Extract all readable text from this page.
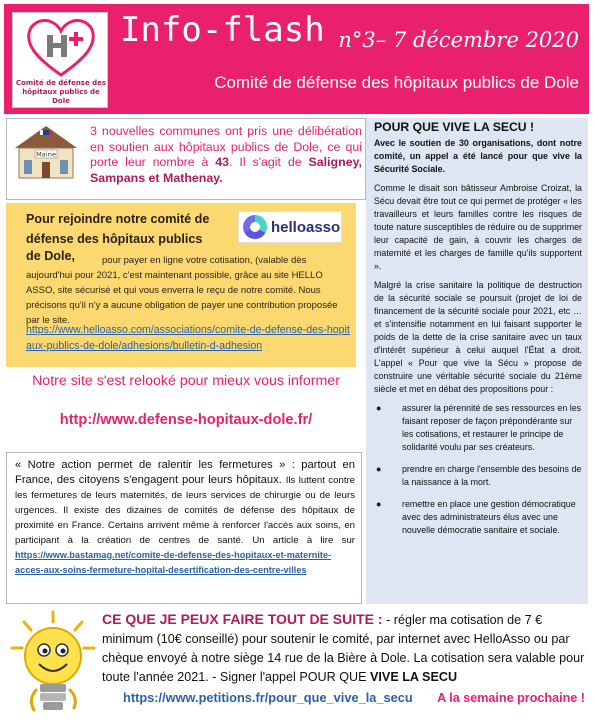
Comité de défense des hôpitaux publics de Dole
Info-flash n°3– 7 décembre 2020
Comité de défense des hôpitaux publics de Dole
Mairie
3 nouvelles communes ont pris une délibération en soutien aux hôpitaux publics de Dole, ce qui porte leur nombre à 43. Il s'agit de Saligney, Sampans et Mathenay.
Pour rejoindre notre comité de défense des hôpitaux publics
helloasso
de Dole,	pour payer en ligne votre cotisation, (valable dès aujourd'hui pour 2021, c'est maintenant possible, grâce au site HELLO ASSO, site sécurisé et qui vous enverra le reçu de notre comité. Nous précisons qu'il n'y a aucune obligation de payer une contribution proposée par le site.
https://www.helloasso.com/associations/comite-de-defense-des-hopitaux-publics-de-dole/adhesions/bulletin-d-adhesion
Notre site s'est relooké pour mieux vous informer
http://www.defense-hopitaux-dole.fr/
« Notre action permet de ralentir les fermetures » : partout en France, des citoyens s'engagent pour leurs hôpitaux. Ils luttent contre les fermetures de leurs maternités, de leurs services de chirurgie ou de leurs urgences. Il existe des dizaines de comités de défense des hôpitaux de proximité en France. Certains arrivent même à renforcer l'accès aux soins, en participant à la création de centres de santé. Un article à lire sur https://www.bastamag.net/comite-de-defense-des-hopitaux-et-maternite-acces-aux-soins-fermeture-hopital-desertification-des-centre-villes
POUR QUE VIVE LA SECU !
Avec le soutien de 30 organisations, dont notre comité, un appel a été lancé pour que vive la Sécurité Sociale.
Comme le disait son bâtisseur Ambroise Croizat, la Sécu devait être tout ce qui permet de protéger « les travailleurs et leurs familles contre les risques de toute nature susceptibles de réduire ou de supprimer leur capacité de gain, à couvrir les charges de maternité et les charges de famille qu'ils supportent ».
Malgré la crise sanitaire la politique de destruction de la sécurité sociale se poursuit (projet de loi de financement de la sécurité sociale pour 2021, etc … et s'intensifie notamment en lui faisant supporter le poids de la dette de la crise sanitaire avec un taux d'intérêt supérieur à celui auquel l'État a droit. L'appel « Pour que vive la Sécu » propose de construire une véritable sécurité sociale du 21ème siècle et met en débat des propositions pour :
● assurer la pérennité de ses ressources en les faisant reposer de façon prépondérante sur les cotisations, et restaurer le principe de solidarité voulu par ses créateurs.
● prendre en charge l'ensemble des besoins de la naissance à la mort.
● remettre en place une gestion démocratique avec des administrateurs élus avec une nouvelle démocratie sanitaire et sociale.
CE QUE JE PEUX FAIRE TOUT DE SUITE : - régler ma cotisation de 7 € minimum (10€ conseillé) pour soutenir le comité, par internet avec HelloAsso ou par chèque envoyé à notre siège 14 rue de la Bière à Dole. La cotisation sera valable pour toute l'année 2021. - Signer l'appel POUR QUE VIVE LA SECU
https://www.petitions.fr/pour_que_vive_la_secu A la semaine prochaine !
